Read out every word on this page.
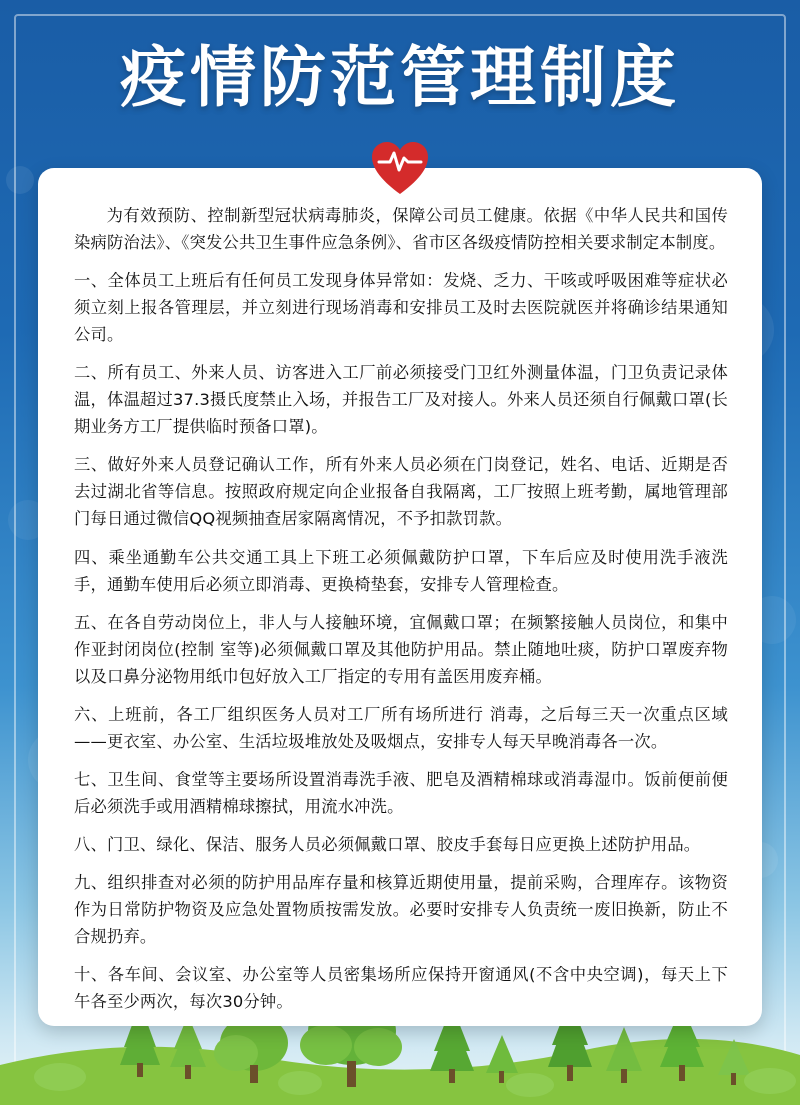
疫情防范管理制度

为有效预防、控制新型冠状病毒肺炎，保障公司员工健康。依据《中华人民共和国传染病防治法》、《突发公共卫生事件应急条例》、省市区各级疫情防控相关要求制定本制度。

一、全体员工上班后有任何员工发现身体异常如：发烧、乏力、干咳或呼吸困难等症状必须立刻上报各管理层，并立刻进行现场消毒和安排员工及时去医院就医并将确诊结果通知公司。

二、所有员工、外来人员、访客进入工厂前必须接受门卫红外测量体温，门卫负责记录体温，体温超过37.3摄氏度禁止入场，并报告工厂及对接人。外来人员还须自行佩戴口罩(长期业务方工厂提供临时预备口罩)。

三、做好外来人员登记确认工作，所有外来人员必须在门岗登记，姓名、电话、近期是否去过湖北省等信息。按照政府规定向企业报备自我隔离，工厂按照上班考勤，属地管理部门每日通过微信QQ视频抽查居家隔离情况，不予扣款罚款。

四、乘坐通勤车公共交通工具上下班工必须佩戴防护口罩，下车后应及时使用洗手液洗手，通勤车使用后必须立即消毒、更换椅垫套，安排专人管理检查。

五、在各自劳动岗位上，非人与人接触环境，宜佩戴口罩；在频繁接触人员岗位，和集中作亚封闭岗位(控制 室等)必须佩戴口罩及其他防护用品。禁止随地吐痰，防护口罩废弃物以及口鼻分泌物用纸巾包好放入工厂指定的专用有盖医用废弃桶。

六、上班前，各工厂组织医务人员对工厂所有场所进行 消毒，之后每三天一次重点区域——更衣室、办公室、生活垃圾堆放处及吸烟点，安排专人每天早晚消毒各一次。

七、卫生间、食堂等主要场所设置消毒洗手液、肥皂及酒精棉球或消毒湿巾。饭前便前便后必须洗手或用酒精棉球擦拭，用流水冲洗。

八、门卫、绿化、保洁、服务人员必须佩戴口罩、胶皮手套每日应更换上述防护用品。

九、组织排查对必须的防护用品库存量和核算近期使用量，提前采购，合理库存。该物资作为日常防护物资及应急处置物质按需发放。必要时安排专人负责统一废旧换新，防止不合规扔弃。

十、各车间、会议室、办公室等人员密集场所应保持开窗通风(不含中央空调)，每天上下午各至少两次，每次30分钟。
